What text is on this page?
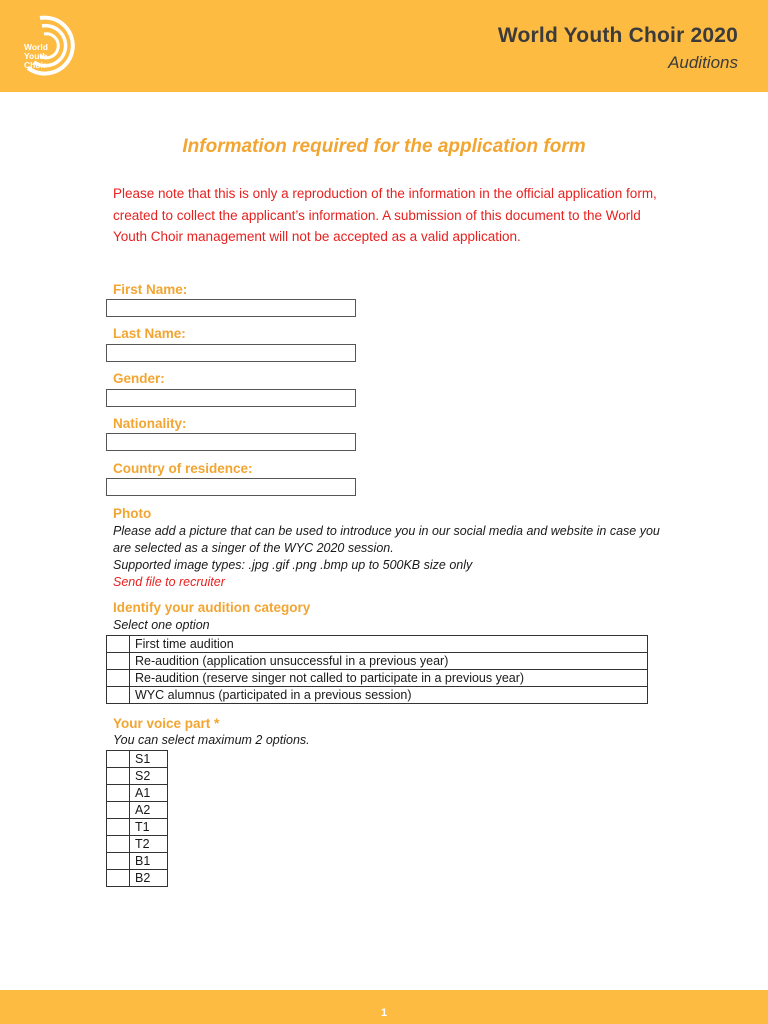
World
Youth
Choir
World Youth Choir 2020
Auditions
Information required for the application form
Please note that this is only a reproduction of the information in the official application form, created to collect the applicant’s information. A submission of this document to the World Youth Choir management will not be accepted as a valid application.
First Name:
Last Name:
Gender:
Nationality:
Country of residence:
Photo
Please add a picture that can be used to introduce you in our social media and website in case you are selected as a singer of the WYC 2020 session.
Supported image types: .jpg .gif .png .bmp up to 500KB size only
Send file to recruiter
Identify your audition category
Select one option
	First time audition
	Re-audition (application unsuccessful in a previous year)
	Re-audition (reserve singer not called to participate in a previous year)
	WYC alumnus (participated in a previous session)
Your voice part *
You can select maximum 2 options.
	S1
	S2
	A1
	A2
	T1
	T2
	B1
	B2
1
